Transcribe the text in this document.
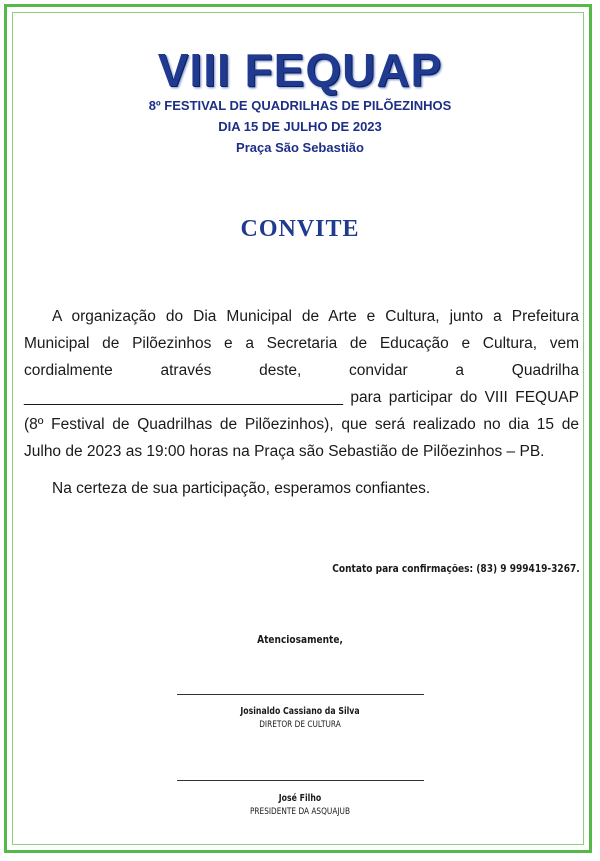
VIII FEQUAP
8º FESTIVAL DE QUADRILHAS DE PILÕEZINHOS
DIA 15 DE JULHO DE 2023
Praça São Sebastião
CONVITE

A organização do Dia Municipal de Arte e Cultura, junto a Prefeitura Municipal de Pilõezinhos e a Secretaria de Educação e Cultura, vem cordialmente através deste, convidar a Quadrilha _____________________________________ para participar do VIII FEQUAP (8º Festival de Quadrilhas de Pilõezinhos), que será realizado no dia 15 de Julho de 2023 as 19:00 horas na Praça são Sebastião de Pilõezinhos – PB.

Na certeza de sua participação, esperamos confiantes.

Contato para confirmações: (83) 9 999419-3267.
Atenciosamente,
Josinaldo Cassiano da Silva
DIRETOR DE CULTURA
José Filho
PRESIDENTE DA ASQUAJUB
